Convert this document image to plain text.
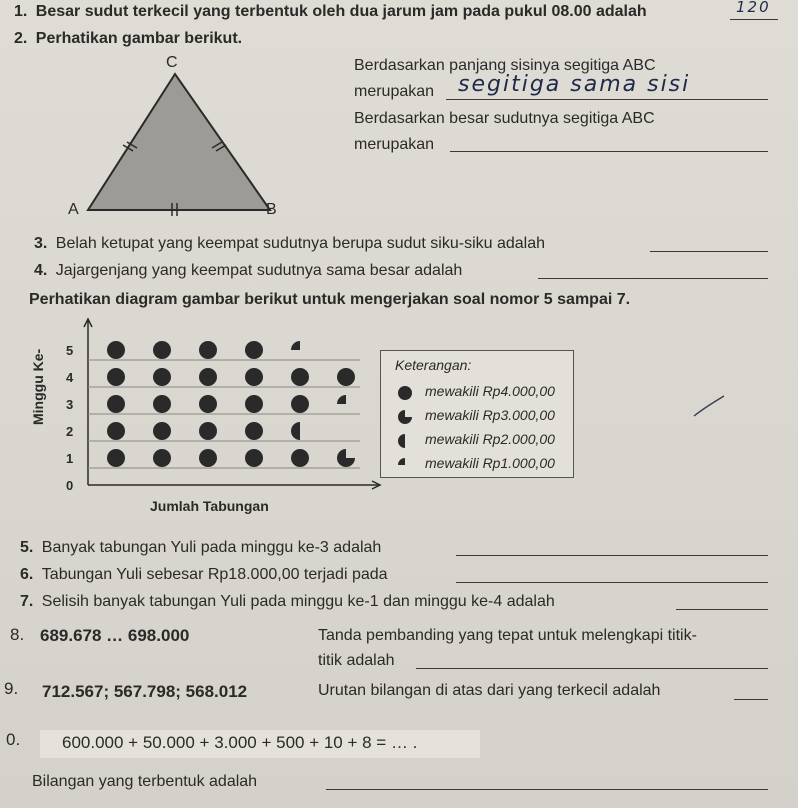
1. Besar sudut terkecil yang terbentuk oleh dua jarum jam pada pukul 08.00 adalah	120
2. Perhatikan gambar berikut.
C
A	B
Berdasarkan panjang sisinya segitiga ABC
merupakan segitiga sama sisi
Berdasarkan besar sudutnya segitiga ABC
merupakan
3. Belah ketupat yang keempat sudutnya berupa sudut siku-siku adalah
4. Jajargenjang yang keempat sudutnya sama besar adalah
Perhatikan diagram gambar berikut untuk mengerjakan soal nomor 5 sampai 7.
0
1
2
3
4
5
Minggu Ke-
Jumlah Tabungan
Keterangan:
mewakili Rp4.000,00
mewakili Rp3.000,00
mewakili Rp2.000,00
mewakili Rp1.000,00
5. Banyak tabungan Yuli pada minggu ke-3 adalah
6. Tabungan Yuli sebesar Rp18.000,00 terjadi pada
7. Selisih banyak tabungan Yuli pada minggu ke-1 dan minggu ke-4 adalah
8. 689.678 … 698.000	Tanda pembanding yang tepat untuk melengkapi titik-
titik adalah
9. 712.567; 567.798; 568.012	Urutan bilangan di atas dari yang terkecil adalah
0. 600.000 + 50.000 + 3.000 + 500 + 10 + 8 = … .
Bilangan yang terbentuk adalah
